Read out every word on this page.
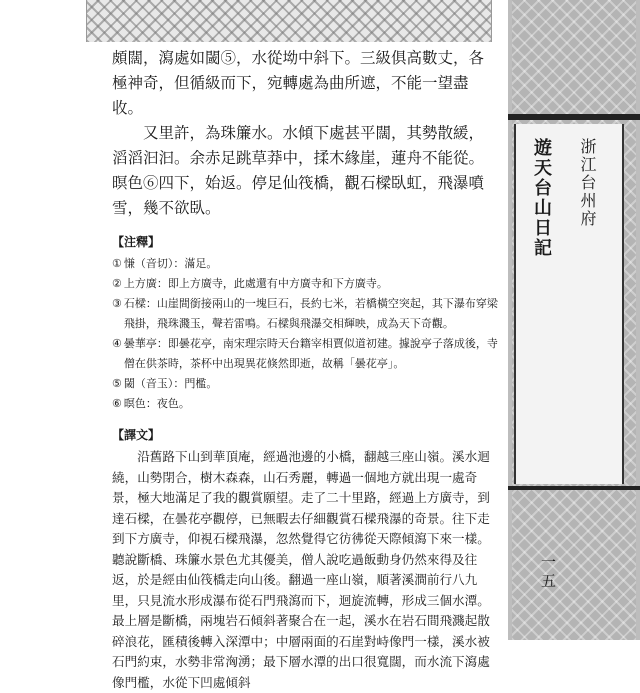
遊天台山日記 浙江台州府
一五

頗闊，瀉處如閾⑤，水從坳中斜下。三級俱高數丈，各極神奇，但循級而下，宛轉處為曲所遮，不能一望盡收。

又里許，為珠簾水。水傾下處甚平闊，其勢散緩，滔滔汩汩。余赤足跳草莽中，揉木緣崖，蓮舟不能從。暝色⑥四下，始返。停足仙筏橋，觀石樑臥虹，飛瀑噴雪，幾不欲臥。

【注釋】
① 慊（音切）：滿足。
② 上方廣：即上方廣寺，此處還有中方廣寺和下方廣寺。
③ 石樑：山崖間銜接兩山的一塊巨石，長約七米，若橋橫空突起，其下瀑布穿梁飛掛，飛珠濺玉，聲若雷鳴。石樑與飛瀑交相輝映，成為天下奇觀。
④ 曇華亭：即曇花亭，南宋理宗時天台籍宰相賈似道初建。據說亭子落成後，寺僧在供茶時，茶杯中出現異花倏然即逝，故稱「曇花亭」。
⑤ 閾（音玉）：門檻。
⑥ 暝色：夜色。
【譯文】

沿舊路下山到華頂庵，經過池邊的小橋，翻越三座山嶺。溪水迴繞，山勢閉合，樹木森森，山石秀麗，轉過一個地方就出現一處奇景，極大地滿足了我的觀賞願望。走了二十里路，經過上方廣寺，到達石樑，在曇花亭觀停，已無暇去仔細觀賞石樑飛瀑的奇景。往下走到下方廣寺，仰視石樑飛瀑，忽然覺得它彷彿從天際傾瀉下來一樣。聽說斷橋、珠簾水景色尤其優美，僧人說吃過飯動身仍然來得及往返，於是經由仙筏橋走向山後。翻過一座山嶺，順著溪澗前行八九里，只見流水形成瀑布從石門飛瀉而下，迴旋流轉，形成三個水潭。最上層是斷橋，兩塊岩石傾斜著聚合在一起，溪水在岩石間飛濺起散碎浪花，匯積後轉入深潭中；中層兩面的石崖對峙像門一樣，溪水被石門約束，水勢非常洶湧；最下層水潭的出口很寬闊，而水流下瀉處像門檻，水從下凹處傾斜
